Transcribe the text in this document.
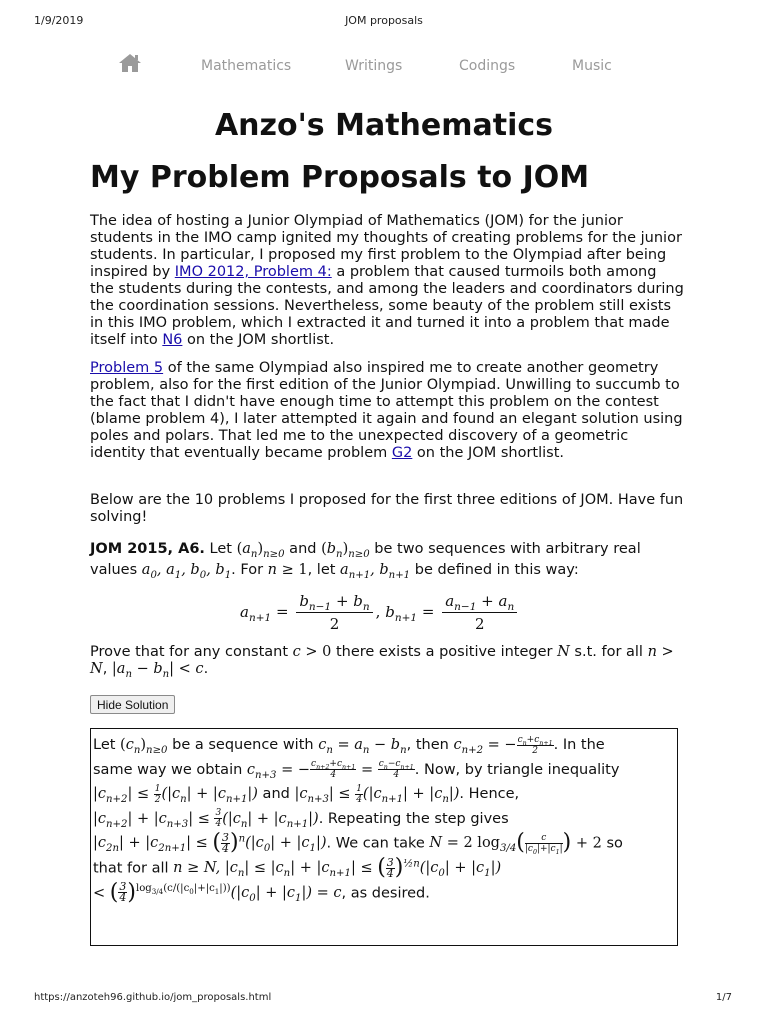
1/9/2019	JOM proposals
Mathematics	Writings	Codings	Music
Anzo's Mathematics
My Problem Proposals to JOM

The idea of hosting a Junior Olympiad of Mathematics (JOM) for the junior students in the IMO camp ignited my thoughts of creating problems for the junior students. In particular, I proposed my first problem to the Olympiad after being inspired by IMO 2012, Problem 4: a problem that caused turmoils both among the students during the contests, and among the leaders and coordinators during the coordination sessions. Nevertheless, some beauty of the problem still exists in this IMO problem, which I extracted it and turned it into a problem that made itself into N6 on the JOM shortlist.

Problem 5 of the same Olympiad also inspired me to create another geometry problem, also for the first edition of the Junior Olympiad. Unwilling to succumb to the fact that I didn't have enough time to attempt this problem on the contest (blame problem 4), I later attempted it again and found an elegant solution using poles and polars. That led me to the unexpected discovery of a geometric identity that eventually became problem G2 on the JOM shortlist.

Below are the 10 problems I proposed for the first three editions of JOM. Have fun solving!

JOM 2015, A6. Let $(a_n)_{n\ge 0}$ and $(b_n)_{n\ge 0}$ be two sequences with arbitrary real values $a_0$, $a_1$, $b_0$, $b_1$. For n ≥ 1, let $a_{n+1}$, $b_{n+1}$ be defined in this way:

$a_{n+1} = \frac{b_{n-1} + b_n}{2}$ , $b_{n+1} = \frac{a_{n-1} + a_n}{2}$

Prove that for any constant c > 0 there exists a positive integer N s.t. for all n > N, $|a_n - b_n| < c$.

Hide Solution
Let $(c_n)_{n\ge 0}$ be a sequence with $c_n = a_n - b_n$, then $c_{n+2}$ = − $\frac{c_n+c_{n+1}}{2}$ . In the
same way we obtain $c_{n+3}$ = − $\frac{c_{n+2}+c_{n+1}}{4} = \frac{c_n-c_{n+1}}{4}$ . Now, by triangle inequality
$|c_{n+2}| \le \frac{1}{2} (|c_n| + |c_{n+1}|)$ and $|c_{n+3}| \le \frac{1}{4} (|c_{n+1}| + |c_n|)$. Hence,
$|c_{n+2}| + |c_{n+3}| \le \frac{3}{4} (|c_n| + |c_{n+1}|)$. Repeating the step gives
$|c_{2n}| + |c_{2n+1}|$ ≤ ( $\frac{3}{4} )^n(|c_0| + |c_1|)$. We can take N = 2 $\log_{3/4}( \frac{c}{|c_0|+|c_1|}$ ) + 2 so
that for all n ≥ N, $|c_n| \le |c_n| + |c_{n+1}|$ ≤ ( $\frac{3}{4} )^{\frac{1}{2}n}(|c_0| + |c_1|)$
< ( $\frac{3}{4} )^{log_{3/4}(c/(|c_0|+|c_1|))}(|c_0| + |c_1|) = c$, as desired.
https://anzoteh96.github.io/jom_proposals.html	1/7
